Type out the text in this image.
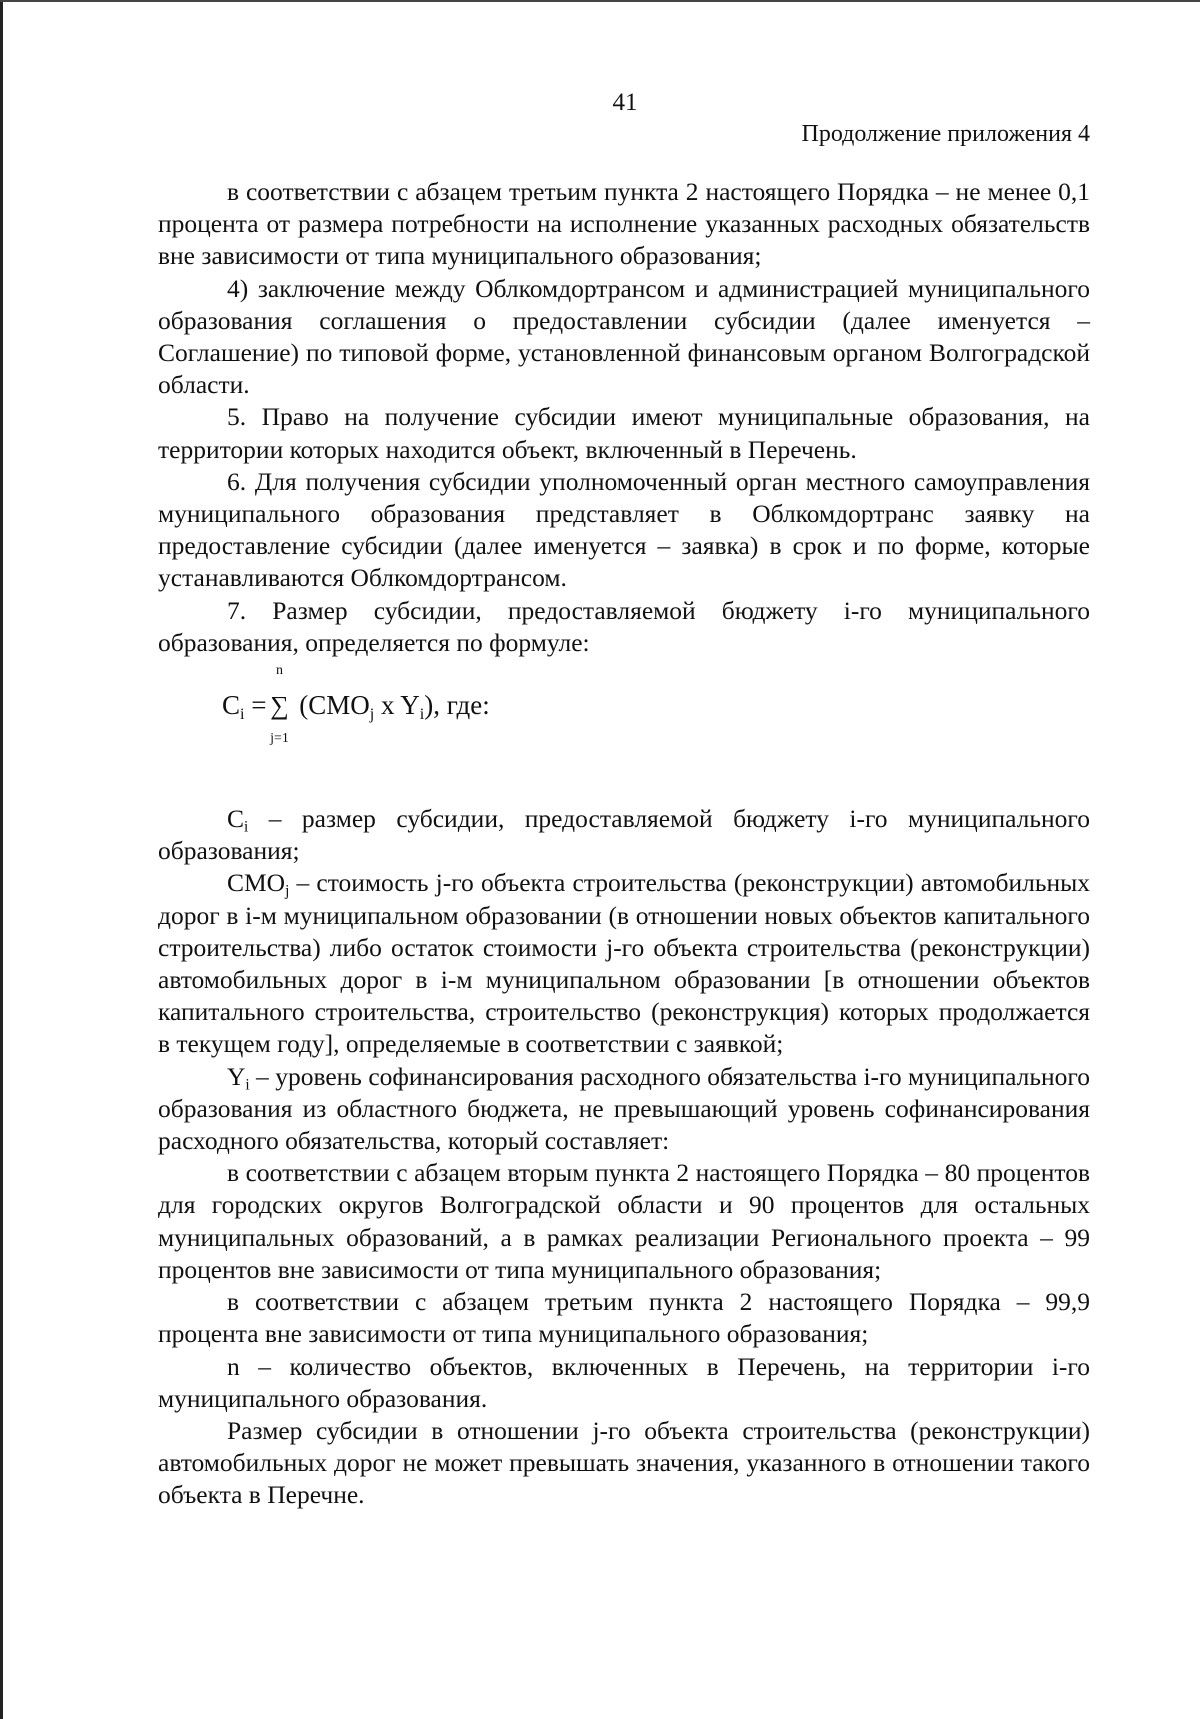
41
Продолжение приложения 4

в соответствии с абзацем третьим пункта 2 настоящего Порядка – не менее 0,1 процента от размера потребности на исполнение указанных расходных обязательств вне зависимости от типа муниципального образования;

4) заключение между Облкомдортрансом и администрацией муниципального образования соглашения о предоставлении субсидии (далее именуется – Соглашение) по типовой форме, установленной финансовым органом Волгоградской области.

5. Право на получение субсидии имеют муниципальные образования, на территории которых находится объект, включенный в Перечень.

6. Для получения субсидии уполномоченный орган местного самоуправления муниципального образования представляет в Облкомдортранс заявку на предоставление субсидии (далее именуется – заявка) в срок и по форме, которые устанавливаются Облкомдортрансом.

7. Размер субсидии, предоставляемой бюджету i-го муниципального образования, определяется по формуле:

$C_i$ =
n
∑
j=1
($CMO_j$ x $Y_i$), где:

$C_i$ – размер субсидии, предоставляемой бюджету i-го муниципального образования;

$CMO_j$ – стоимость j-го объекта строительства (реконструкции) автомобильных дорог в i-м муниципальном образовании (в отношении новых объектов капитального строительства) либо остаток стоимости j-го объекта строительства (реконструкции) автомобильных дорог в i-м муниципальном образовании [в отношении объектов капитального строительства, строительство (реконструкция) которых продолжается в текущем году], определяемые в соответствии с заявкой;

$Y_i$ – уровень софинансирования расходного обязательства i-го муниципального образования из областного бюджета, не превышающий уровень софинансирования расходного обязательства, который составляет:

в соответствии с абзацем вторым пункта 2 настоящего Порядка – 80 процентов для городских округов Волгоградской области и 90 процентов для остальных муниципальных образований, а в рамках реализации Регионального проекта – 99 процентов вне зависимости от типа муниципального образования;

в соответствии с абзацем третьим пункта 2 настоящего Порядка – 99,9 процента вне зависимости от типа муниципального образования;

n – количество объектов, включенных в Перечень, на территории i-го муниципального образования.

Размер субсидии в отношении j-го объекта строительства (реконструкции) автомобильных дорог не может превышать значения, указанного в отношении такого объекта в Перечне.
